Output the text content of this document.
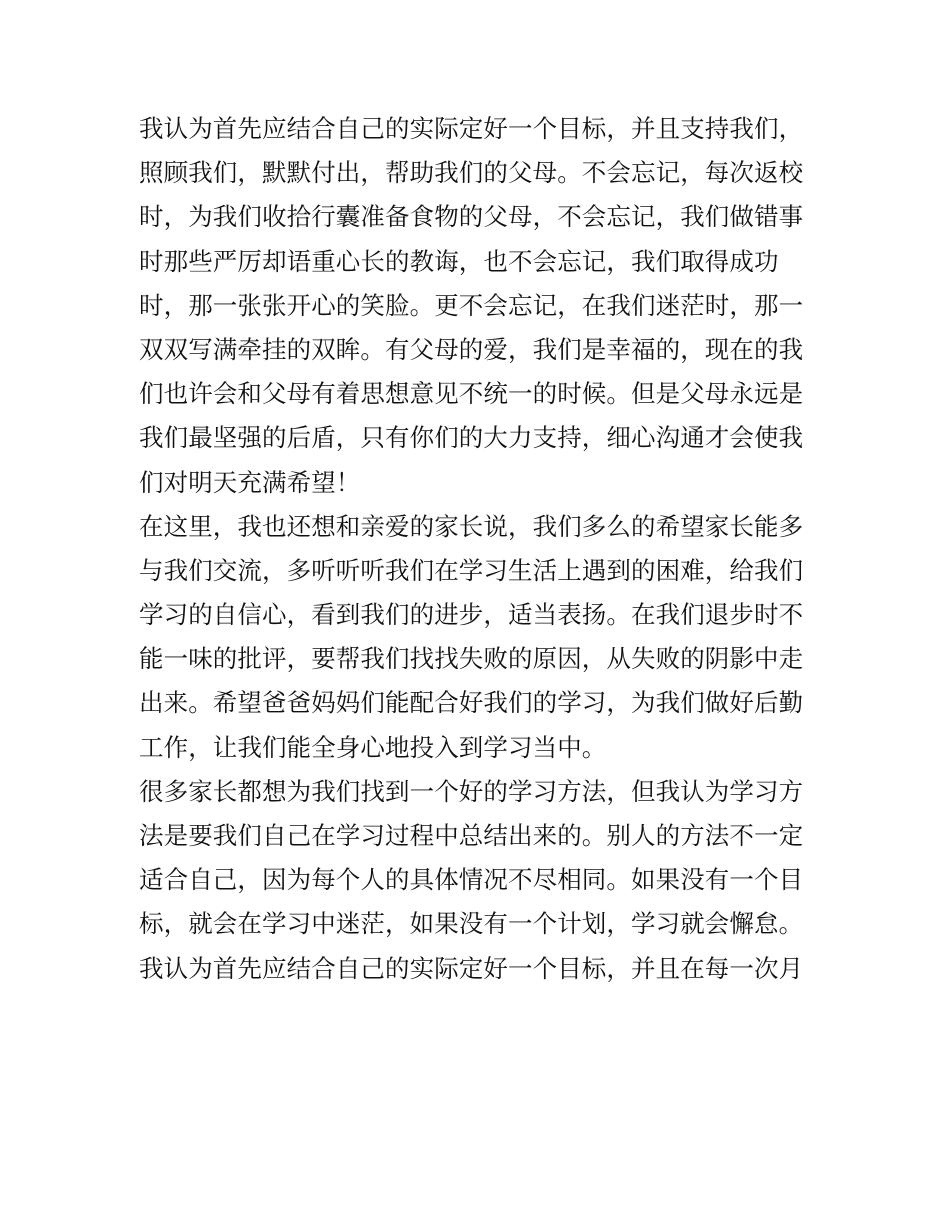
我认为首先应结合自己的实际定好一个目标，并且支持我们，
照顾我们，默默付出，帮助我们的父母。不会忘记，每次返校
时，为我们收拾行囊准备食物的父母，不会忘记，我们做错事
时那些严厉却语重心长的教诲，也不会忘记，我们取得成功
时，那一张张开心的笑脸。更不会忘记，在我们迷茫时，那一
双双写满牵挂的双眸。有父母的爱，我们是幸福的，现在的我
们也许会和父母有着思想意见不统一的时候。但是父母永远是
我们最坚强的后盾，只有你们的大力支持，细心沟通才会使我
们对明天充满希望！
在这里，我也还想和亲爱的家长说，我们多么的希望家长能多
与我们交流，多听听听我们在学习生活上遇到的困难，给我们
学习的自信心，看到我们的进步，适当表扬。在我们退步时不
能一味的批评，要帮我们找找失败的原因，从失败的阴影中走
出来。希望爸爸妈妈们能配合好我们的学习，为我们做好后勤
工作，让我们能全身心地投入到学习当中。
很多家长都想为我们找到一个好的学习方法，但我认为学习方
法是要我们自己在学习过程中总结出来的。别人的方法不一定
适合自己，因为每个人的具体情况不尽相同。如果没有一个目
标，就会在学习中迷茫，如果没有一个计划，学习就会懈怠。
我认为首先应结合自己的实际定好一个目标，并且在每一次月
